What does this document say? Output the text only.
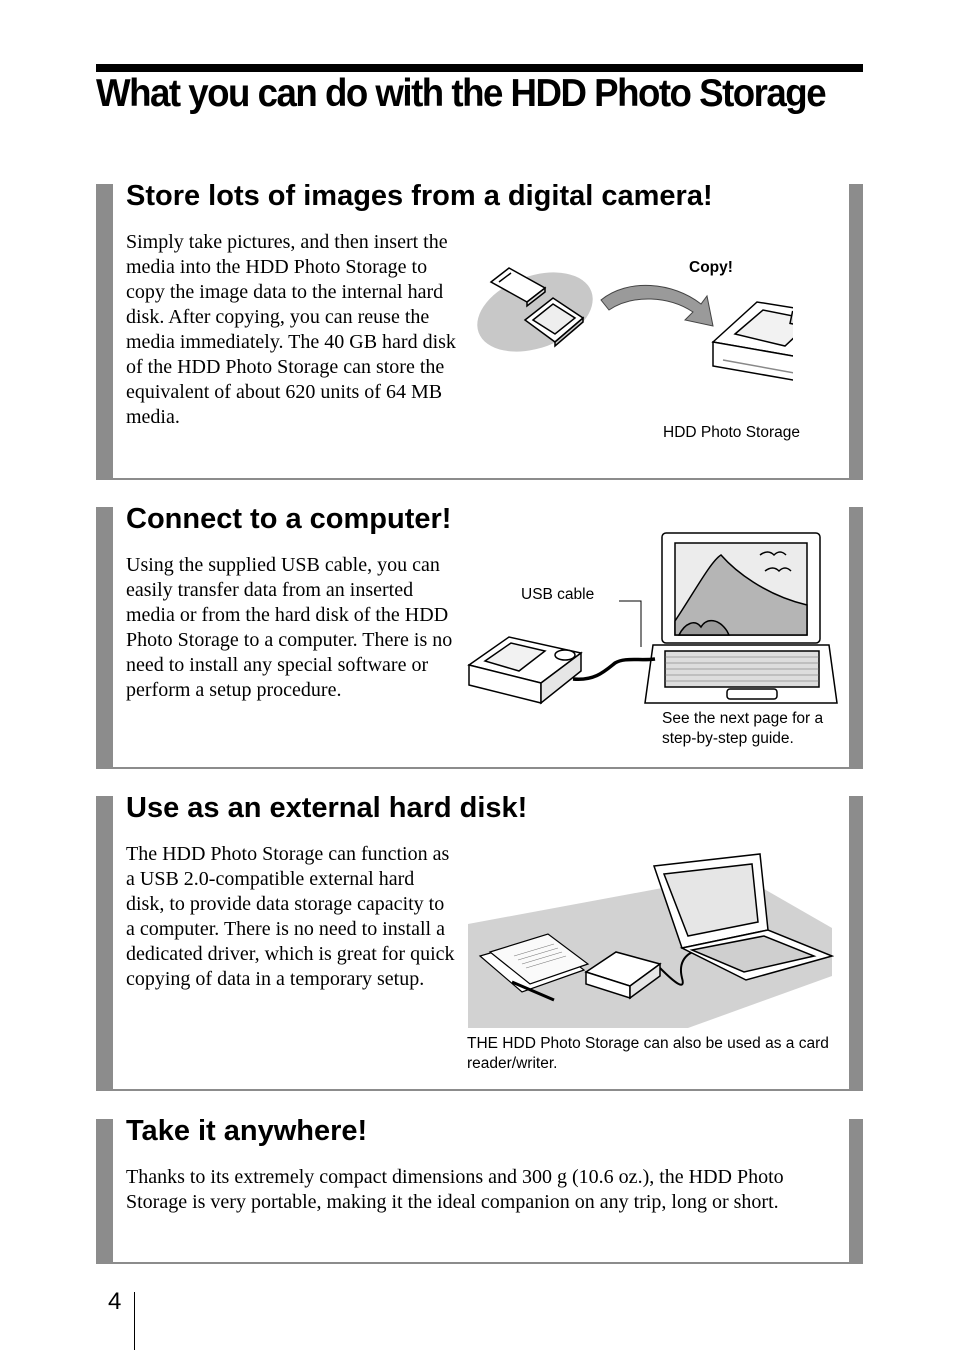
What you can do with the HDD Photo Storage
Store lots of images from a digital camera!

Simply take pictures, and then insert the media into the HDD Photo Storage to copy the image data to the internal hard disk. After copying, you can reuse the media immediately. The 40 GB hard disk of the HDD Photo Storage can store the equivalent of about 620 units of 64 MB media.

Copy!

HDD Photo Storage

Connect to a computer!

Using the supplied USB cable, you can easily transfer data from an inserted media or from the hard disk of the HDD Photo Storage to a computer. There is no need to install any special software or perform a setup procedure.

USB cable

See the next page for a step-by-step guide.

Use as an external hard disk!

The HDD Photo Storage can function as a USB 2.0-compatible external hard disk, to provide data storage capacity to a computer. There is no need to install a dedicated driver, which is great for quick copying of data in a temporary setup.

THE HDD Photo Storage can also be used as a card reader/writer.

Take it anywhere!

Thanks to its extremely compact dimensions and 300 g (10.6 oz.), the HDD Photo Storage is very portable, making it the ideal companion on any trip, long or short.

4
